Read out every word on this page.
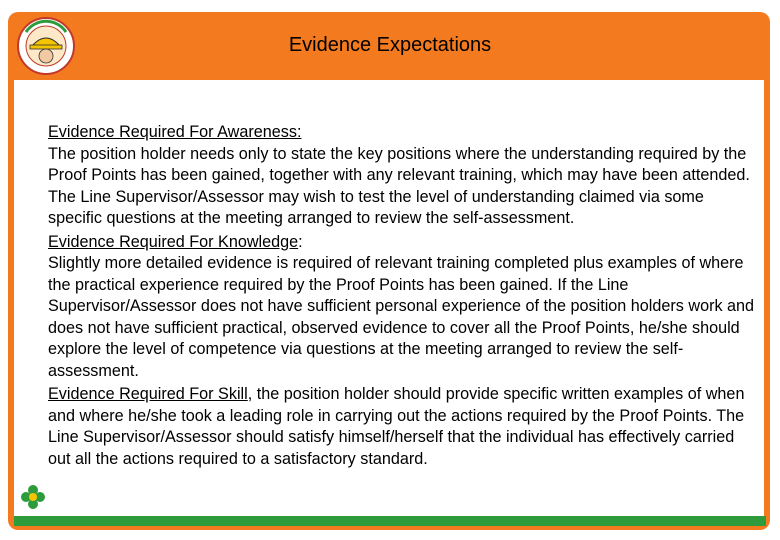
Evidence Expectations

Evidence Required For Awareness:
The position holder needs only to state the key positions where the understanding required by the Proof Points has been gained, together with any relevant training, which may have been attended. The Line Supervisor/Assessor may wish to test the level of understanding claimed via some specific questions at the meeting arranged to review the self-assessment.

Evidence Required For Knowledge:
Slightly more detailed evidence is required of relevant training completed plus examples of where the practical experience required by the Proof Points has been gained. If the Line Supervisor/Assessor does not have sufficient personal experience of the position holders work and does not have sufficient practical, observed evidence to cover all the Proof Points, he/she should explore the level of competence via questions at the meeting arranged to review the self-assessment.

Evidence Required For Skill, the position holder should provide specific written examples of when and where he/she took a leading role in carrying out the actions required by the Proof Points. The Line Supervisor/Assessor should satisfy himself/herself that the individual has effectively carried out all the actions required to a satisfactory standard.
